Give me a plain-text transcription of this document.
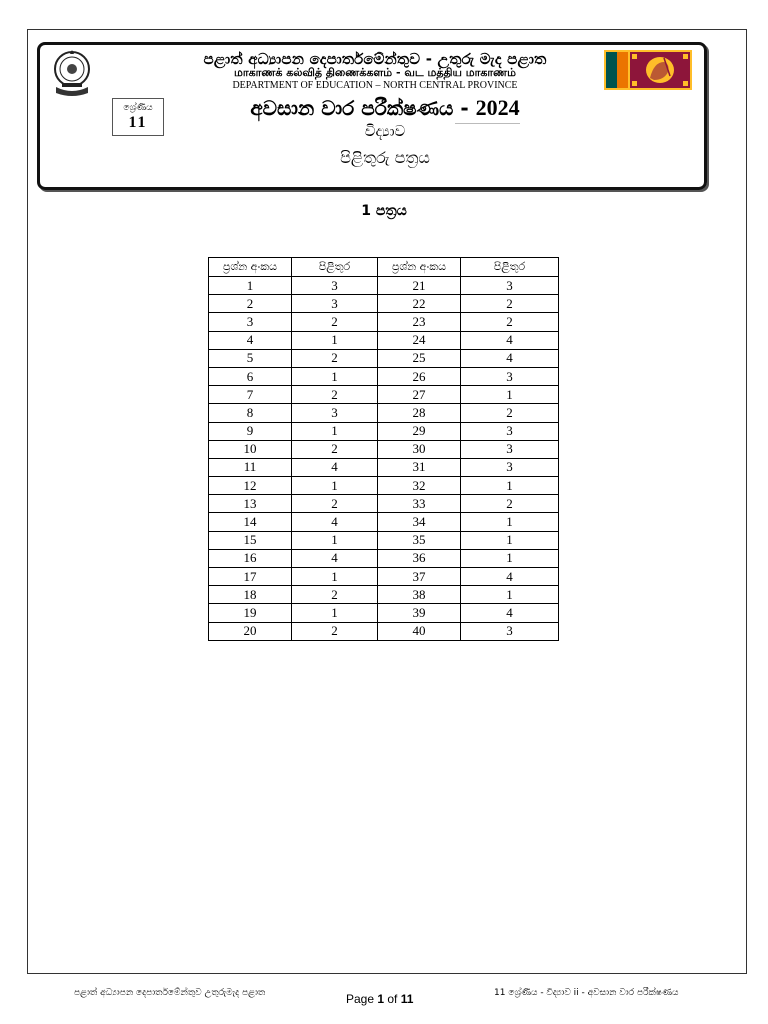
ශ්‍රේණිය
11
පළාත් අධ්‍යාපන දෙපාර්තමේන්තුව - උතුරු මැද පළාත
மாகாணக் கல்வித் திணைக்களம் - வட மத்திய மாகாணம்
DEPARTMENT OF EDUCATION – NORTH CENTRAL PROVINCE
අවසාන වාර පරීක්ෂණය - 2024
විද්‍යාව
පිළිතුරු පත්‍රය
1 පත්‍රය
ප්‍රශ්න අංකය	පිළිතුර	ප්‍රශ්න අංකය	පිළිතුර
1	3	21	3
2	3	22	2
3	2	23	2
4	1	24	4
5	2	25	4
6	1	26	3
7	2	27	1
8	3	28	2
9	1	29	3
10	2	30	3
11	4	31	3
12	1	32	1
13	2	33	2
14	4	34	1
15	1	35	1
16	4	36	1
17	1	37	4
18	2	38	1
19	1	39	4
20	2	40	3
පළාත් අධ්‍යාපන දෙපාර්තමේන්තුව උතුරුමැද පළාත	Page 1 of 11	11 ශ්‍රේණිය - විද්‍යාව ii - අවසාන වාර පරීක්ෂණය
